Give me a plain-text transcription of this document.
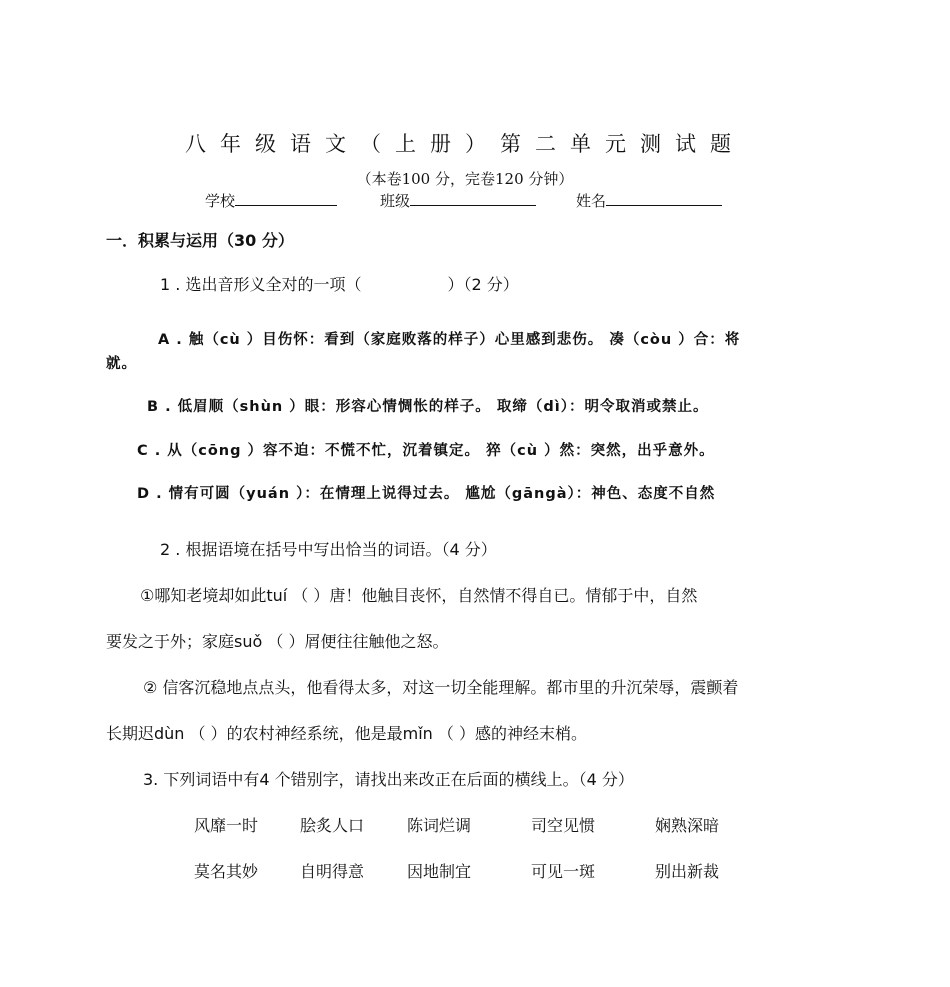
八年级语文（上册）第二单元测试题
（本卷100 分，完卷120 分钟）
学校	班级	姓名
一．积累与运用（30 分）
1 . 选出音形义全对的一项（	）（2 分）
A . 触（cù ）目伤怀：看到（家庭败落的样子）心里感到悲伤。 凑（còu ）合：将
就。
B . 低眉顺（shùn ）眼：形容心情惆怅的样子。 取缔（dì）：明令取消或禁止。
C . 从（cōng ）容不迫：不慌不忙，沉着镇定。 猝（cù ）然：突然，出乎意外。
D . 情有可圆（yuán ）：在情理上说得过去。 尴尬（gāngà）：神色、态度不自然
2 . 根据语境在括号中写出恰当的词语。（4 分）
①哪知老境却如此tuí （ ）唐！他触目丧怀，自然情不得自已。情郁于中，自然
要发之于外；家庭suǒ （ ）屑便往往触他之怒。
② 信客沉稳地点点头，他看得太多，对这一切全能理解。都市里的升沉荣辱，震颤着
长期迟dùn （ ）的农村神经系统，他是最mǐn （ ）感的神经末梢。
3. 下列词语中有4 个错别字，请找出来改正在后面的横线上。（4 分）
风靡一时	脍炙人口	陈词烂调	司空见惯	娴熟深暗
莫名其妙	自明得意	因地制宜	可见一斑	别出新裁
